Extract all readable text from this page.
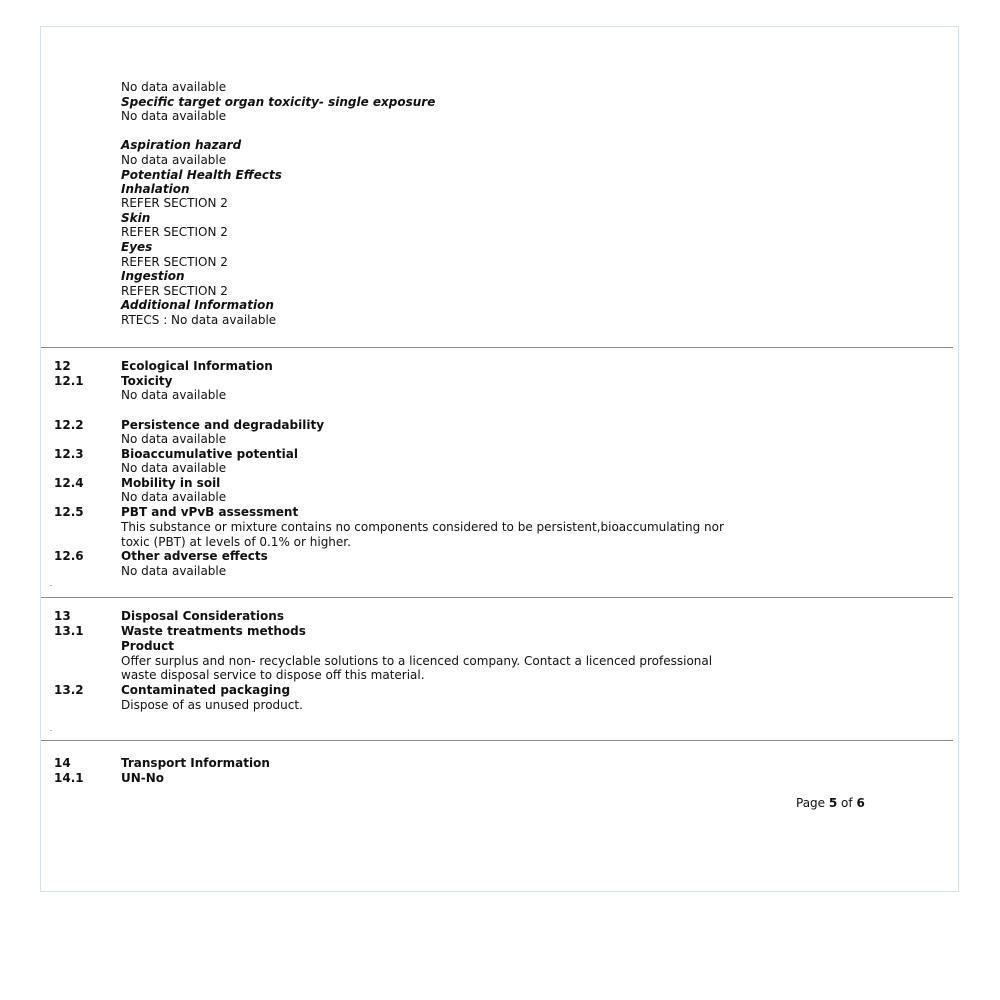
No data available
Specific target organ toxicity- single exposure
No data available
Aspiration hazard
No data available
Potential Health Effects
Inhalation
REFER SECTION 2
Skin
REFER SECTION 2
Eyes
REFER SECTION 2
Ingestion
REFER SECTION 2
Additional Information
RTECS : No data available
12	Ecological Information
12.1	Toxicity
No data available
12.2	Persistence and degradability
No data available
12.3	Bioaccumulative potential
No data available
12.4	Mobility in soil
No data available
12.5	PBT and vPvB assessment
This substance or mixture contains no components considered to be persistent,bioaccumulating nor
toxic (PBT) at levels of 0.1% or higher.
12.6	Other adverse effects
No data available
13	Disposal Considerations
13.1	Waste treatments methods
Product
Offer surplus and non- recyclable solutions to a licenced company. Contact a licenced professional
waste disposal service to dispose off this material.
13.2	Contaminated packaging
Dispose of as unused product.
14	Transport Information
14.1	UN-No
Page 5 of 6
